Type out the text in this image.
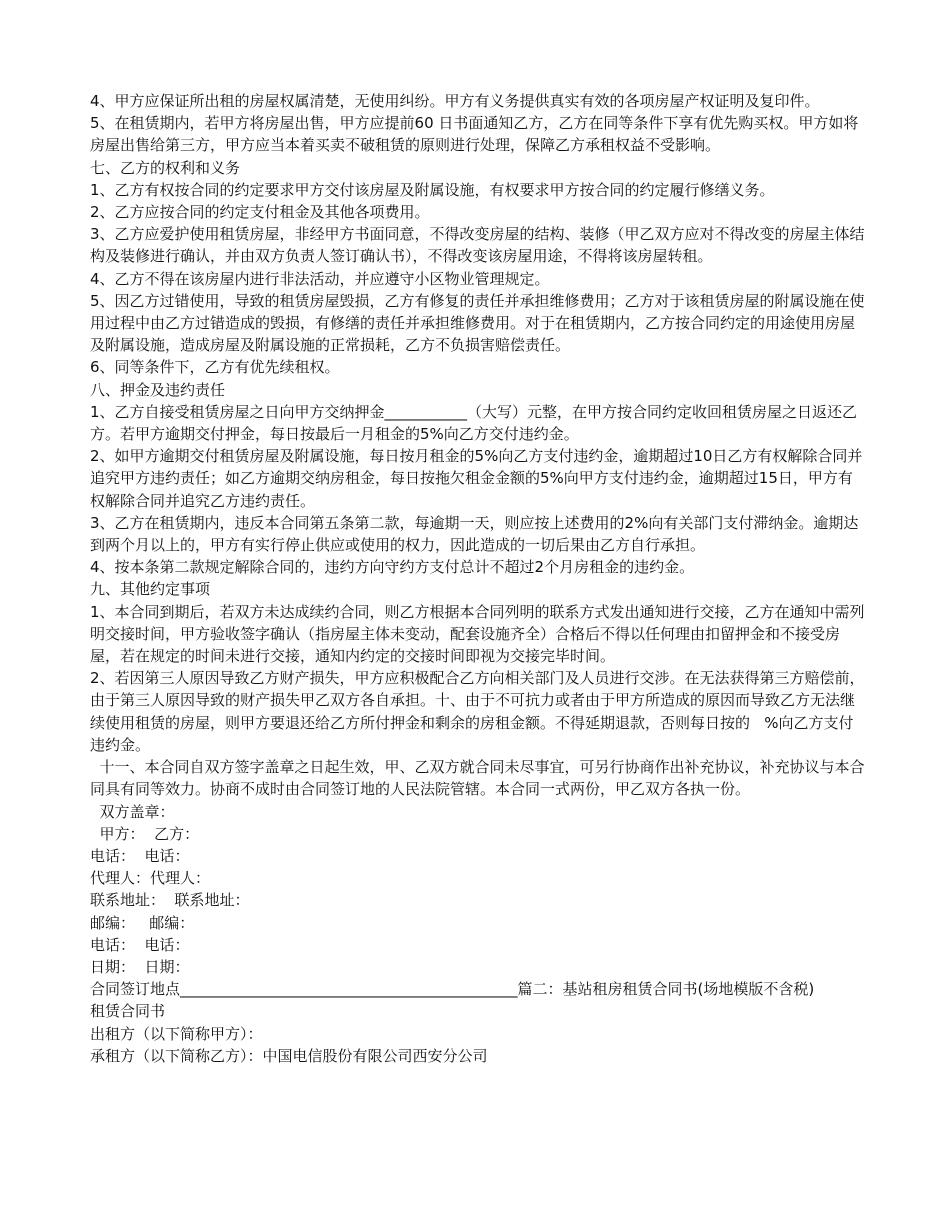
4、甲方应保证所出租的房屋权属清楚，无使用纠纷。甲方有义务提供真实有效的各项房屋产权证明及复印件。

5、在租赁期内，若甲方将房屋出售，甲方应提前60 日书面通知乙方，乙方在同等条件下享有优先购买权。甲方如将房屋出售给第三方，甲方应当本着买卖不破租赁的原则进行处理，保障乙方承租权益不受影响。

七、乙方的权利和义务

1、乙方有权按合同的约定要求甲方交付该房屋及附属设施，有权要求甲方按合同的约定履行修缮义务。

2、乙方应按合同的约定支付租金及其他各项费用。

3、乙方应爱护使用租赁房屋，非经甲方书面同意，不得改变房屋的结构、装修（甲乙双方应对不得改变的房屋主体结构及装修进行确认，并由双方负责人签订确认书），不得改变该房屋用途，不得将该房屋转租。

4、乙方不得在该房屋内进行非法活动，并应遵守小区物业管理规定。

5、因乙方过错使用，导致的租赁房屋毁损，乙方有修复的责任并承担维修费用；乙方对于该租赁房屋的附属设施在使用过程中由乙方过错造成的毁损，有修缮的责任并承担维修费用。对于在租赁期内，乙方按合同约定的用途使用房屋及附属设施，造成房屋及附属设施的正常损耗，乙方不负损害赔偿责任。

6、同等条件下，乙方有优先续租权。

八、押金及违约责任

1、乙方自接受租赁房屋之日向甲方交纳押金___________（大写）元整，在甲方按合同约定收回租赁房屋之日返还乙方。若甲方逾期交付押金，每日按最后一月租金的5%向乙方交付违约金。

2、如甲方逾期交付租赁房屋及附属设施，每日按月租金的5%向乙方支付违约金，逾期超过10日乙方有权解除合同并追究甲方违约责任；如乙方逾期交纳房租金，每日按拖欠租金金额的5%向甲方支付违约金，逾期超过15日，甲方有权解除合同并追究乙方违约责任。

3、乙方在租赁期内，违反本合同第五条第二款，每逾期一天，则应按上述费用的2%向有关部门支付滞纳金。逾期达到两个月以上的，甲方有实行停止供应或使用的权力，因此造成的一切后果由乙方自行承担。

4、按本条第二款规定解除合同的，违约方向守约方支付总计不超过2个月房租金的违约金。

九、其他约定事项

1、本合同到期后，若双方未达成续约合同，则乙方根据本合同列明的联系方式发出通知进行交接，乙方在通知中需列明交接时间，甲方验收签字确认（指房屋主体未变动，配套设施齐全）合格后不得以任何理由扣留押金和不接受房屋，若在规定的时间未进行交接，通知内约定的交接时间即视为交接完毕时间。

2、若因第三人原因导致乙方财产损失，甲方应积极配合乙方向相关部门及人员进行交涉。在无法获得第三方赔偿前，由于第三人原因导致的财产损失甲乙双方各自承担。十、由于不可抗力或者由于甲方所造成的原因而导致乙方无法继续使用租赁的房屋，则甲方要退还给乙方所付押金和剩余的房租金额。不得延期退款，否则每日按的   %向乙方支付违约金。

十一、本合同自双方签字盖章之日起生效，甲、乙双方就合同未尽事宜，可另行协商作出补充协议，补充协议与本合同具有同等效力。协商不成时由合同签订地的人民法院管辖。本合同一式两份，甲乙双方各执一份。

双方盖章：

甲方：  乙方：

电话：  电话：

代理人：代理人：

联系地址：  联系地址：

邮编：   邮编：

电话：  电话：

日期：  日期：

合同签订地点_____________________________________________篇二：基站租房租赁合同书(场地模版不含税)

租赁合同书

出租方（以下简称甲方）：

承租方（以下简称乙方）：中国电信股份有限公司西安分公司
